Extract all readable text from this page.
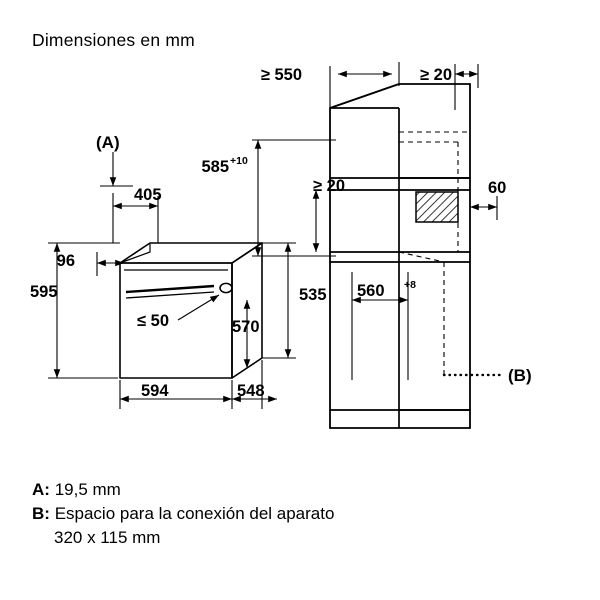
Dimensiones en mm
(A)
405
96
595
≤ 50	570
535
594	548
≥ 550	≥ 20
585 +10
≥ 20	60
560 +8
(B)
A: 19,5 mm
B: Espacio para la conexión del aparato
320 x 115 mm
